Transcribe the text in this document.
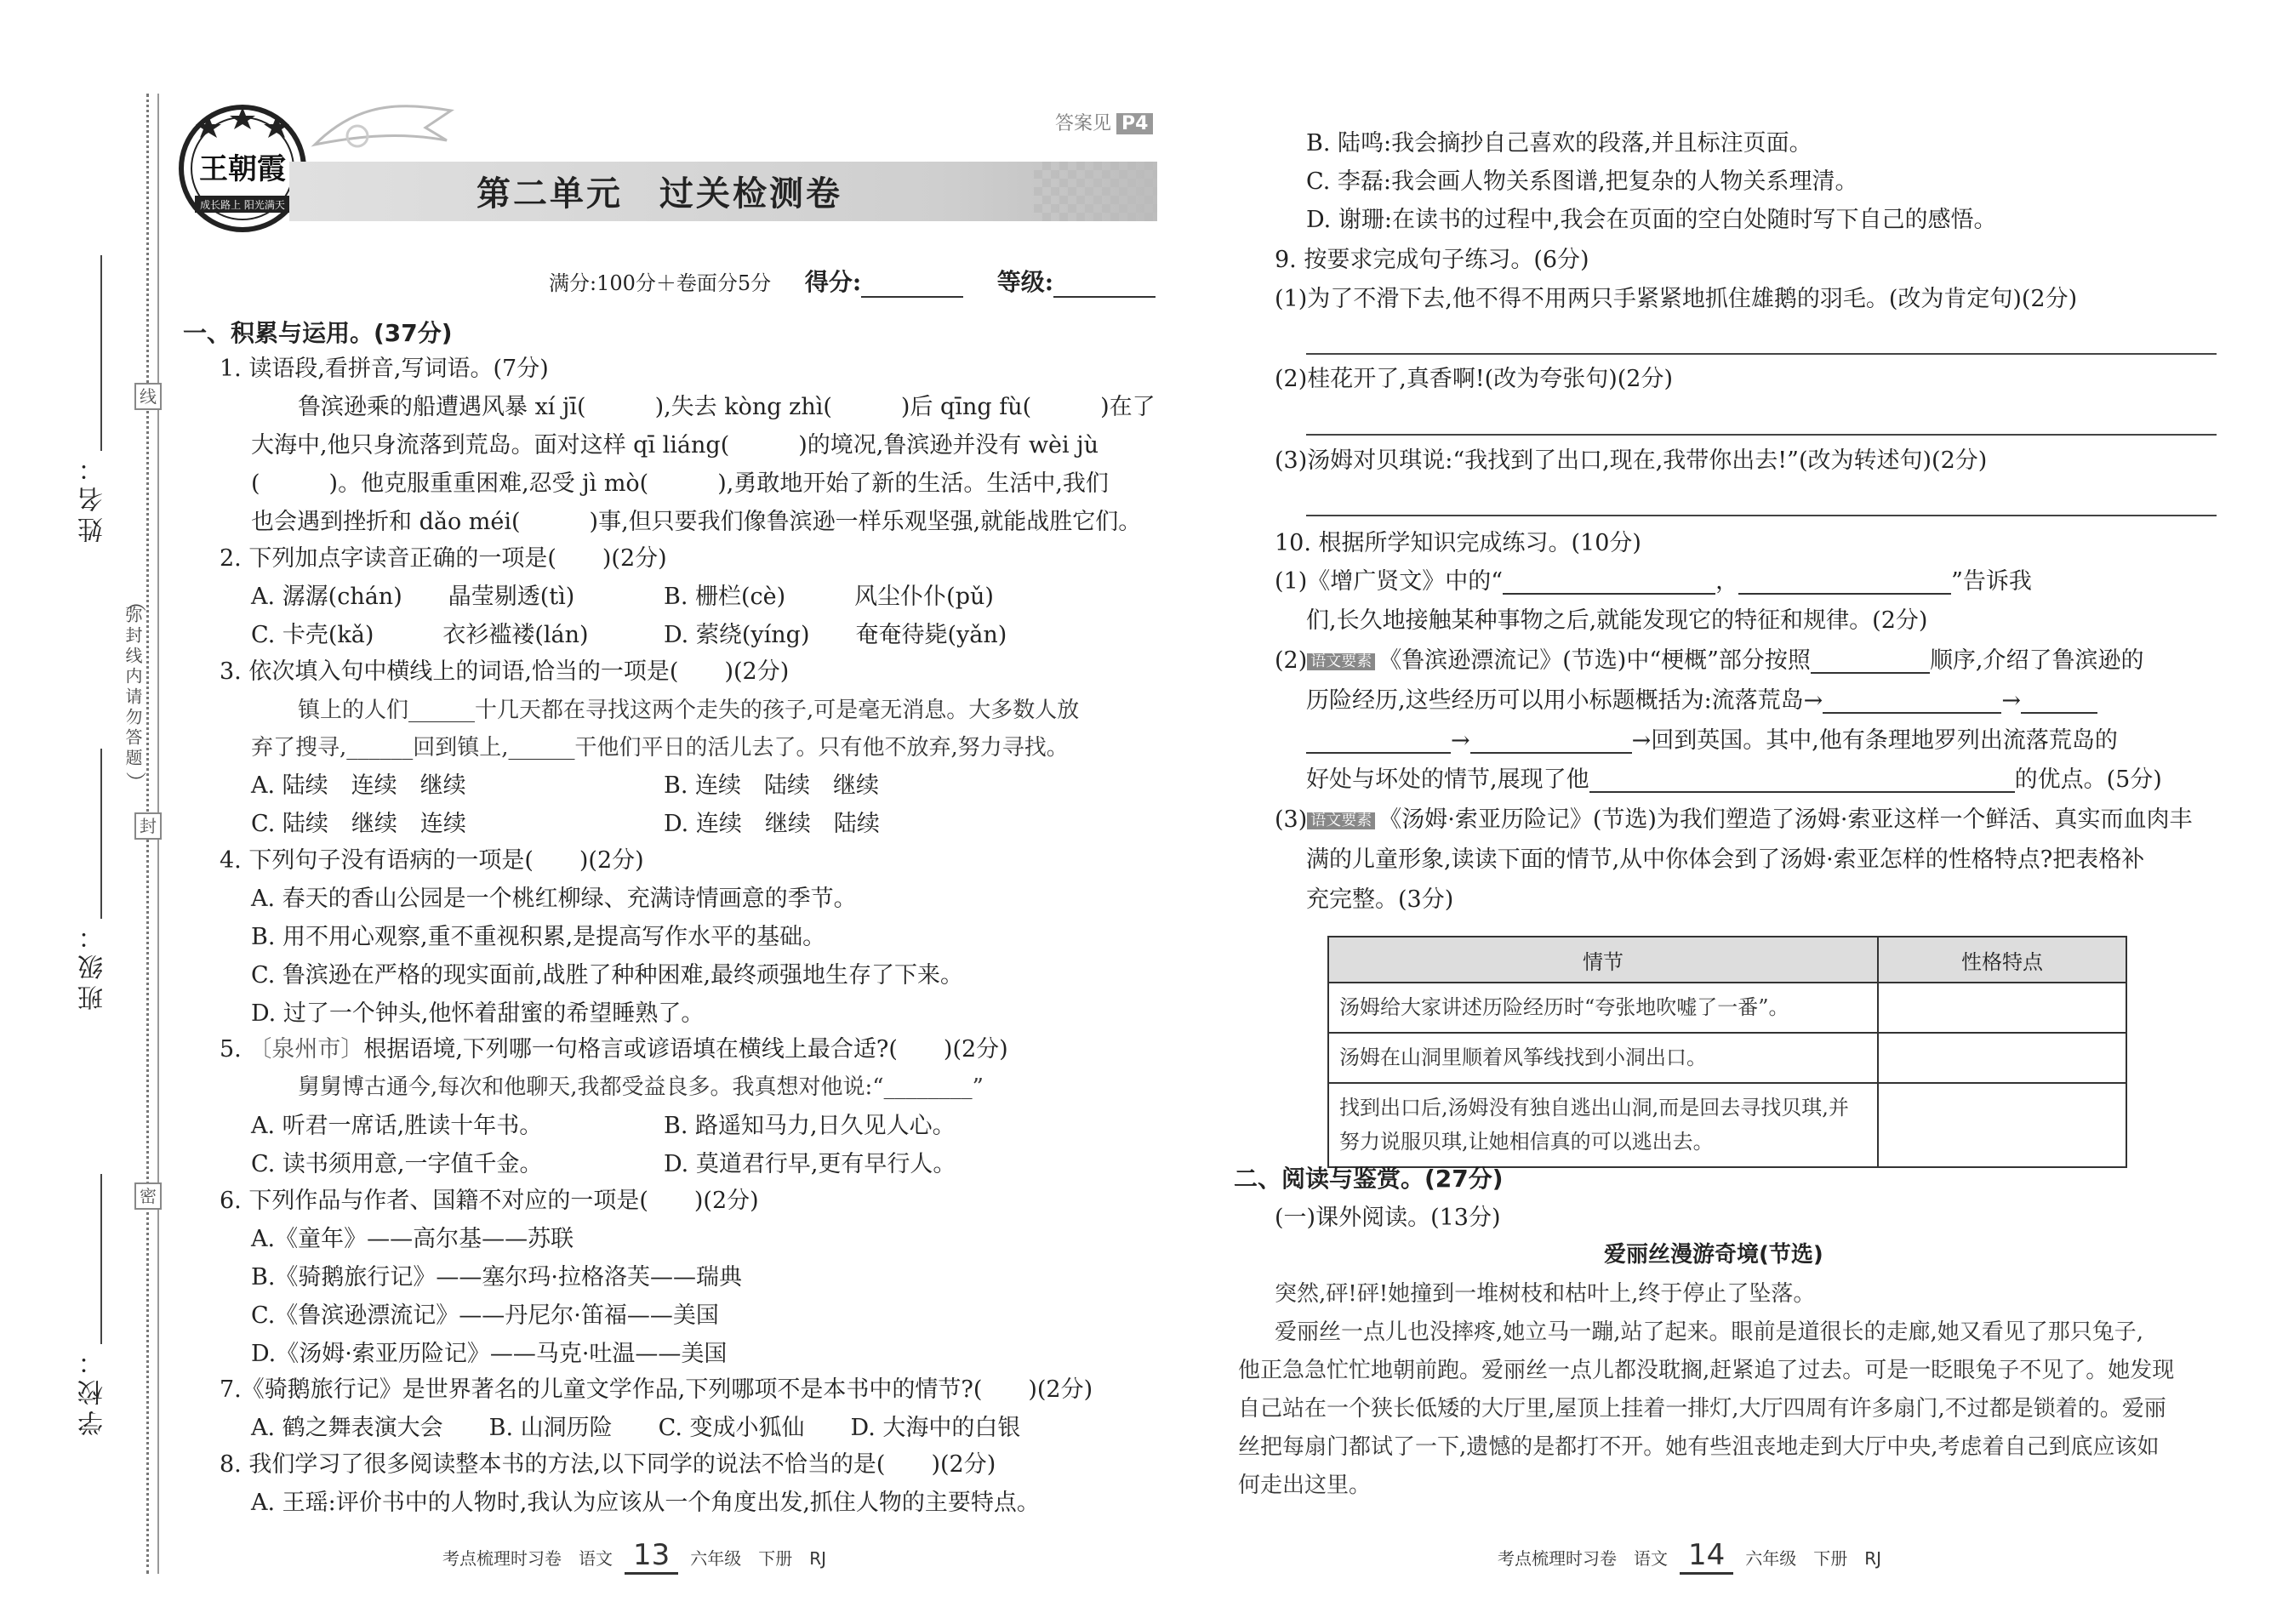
姓名：
班级：
学校：
线
封
密
︵
弥封线内请勿答题
︶
王朝霞
成长路上 阳光满天	第二单元　过关检测卷
答案见 P4
满分:100分＋卷面分5分 得分:	等级:
一、积累与运用。(37分)
1. 读语段,看拼音,写词语。(7分)
鲁滨逊乘的船遭遇风暴 xí jī(　　　),失去 kòng zhì(　　　)后 qīng fù(　　　)在了
大海中,他只身流落到荒岛。面对这样 qī liáng(　　　)的境况,鲁滨逊并没有 wèi jù
(　　　)。他克服重重困难,忍受 jì mò(　　　),勇敢地开始了新的生活。生活中,我们
也会遇到挫折和 dǎo méi(　　　)事,但只要我们像鲁滨逊一样乐观坚强,就能战胜它们。
2. 下列加点字读音正确的一项是(　　)(2分)
A. 潺潺(chán)　　晶莹剔透(tì)	B. 栅栏(cè)　　　风尘仆仆(pǔ)
C. 卡壳(kǎ)　　　衣衫褴褛(lán)	D. 萦绕(yíng)　　奄奄待毙(yǎn)
3. 依次填入句中横线上的词语,恰当的一项是(　　)(2分)
镇上的人们______十几天都在寻找这两个走失的孩子,可是毫无消息。大多数人放
弃了搜寻,______回到镇上,______干他们平日的活儿去了。只有他不放弃,努力寻找。
A. 陆续　连续　继续	B. 连续　陆续　继续
C. 陆续　继续　连续	D. 连续　继续　陆续
4. 下列句子没有语病的一项是(　　)(2分)
A. 春天的香山公园是一个桃红柳绿、充满诗情画意的季节。
B. 用不用心观察,重不重视积累,是提高写作水平的基础。
C. 鲁滨逊在严格的现实面前,战胜了种种困难,最终顽强地生存了下来。
D. 过了一个钟头,他怀着甜蜜的希望睡熟了。
5. 〔泉州市〕根据语境,下列哪一句格言或谚语填在横线上最合适?(　　)(2分)
舅舅博古通今,每次和他聊天,我都受益良多。我真想对他说:“________”
A. 听君一席话,胜读十年书。	B. 路遥知马力,日久见人心。
C. 读书须用意,一字值千金。	D. 莫道君行早,更有早行人。
6. 下列作品与作者、国籍不对应的一项是(　　)(2分)
A.《童年》——高尔基——苏联
B.《骑鹅旅行记》——塞尔玛·拉格洛芙——瑞典
C.《鲁滨逊漂流记》——丹尼尔·笛福——美国
D.《汤姆·索亚历险记》——马克·吐温——美国
7.《骑鹅旅行记》是世界著名的儿童文学作品,下列哪项不是本书中的情节?(　　)(2分)
A. 鹤之舞表演大会　　B. 山洞历险　　C. 变成小狐仙　　D. 大海中的白银
8. 我们学习了很多阅读整本书的方法,以下同学的说法不恰当的是(　　)(2分)
A. 王瑶:评价书中的人物时,我认为应该从一个角度出发,抓住人物的主要特点。
B. 陆鸣:我会摘抄自己喜欢的段落,并且标注页面。
C. 李磊:我会画人物关系图谱,把复杂的人物关系理清。
D. 谢珊:在读书的过程中,我会在页面的空白处随时写下自己的感悟。
9. 按要求完成句子练习。(6分)
(1)为了不滑下去,他不得不用两只手紧紧地抓住雄鹅的羽毛。(改为肯定句)(2分)
(2)桂花开了,真香啊!(改为夸张句)(2分)
(3)汤姆对贝琪说:“我找到了出口,现在,我带你出去!”(改为转述句)(2分)
10. 根据所学知识完成练习。(10分)
(1)《增广贤文》中的“	，	”告诉我
们,长久地接触某种事物之后,就能发现它的特征和规律。(2分)
(2) 语文要素 《鲁滨逊漂流记》(节选)中“梗概”部分按照	顺序,介绍了鲁滨逊的
历险经历,这些经历可以用小标题概括为:流落荒岛→	→
→	→回到英国。其中,他有条理地罗列出流落荒岛的
好处与坏处的情节,展现了他	的优点。(5分)
(3) 语文要素 《汤姆·索亚历险记》(节选)为我们塑造了汤姆·索亚这样一个鲜活、真实而血肉丰
满的儿童形象,读读下面的情节,从中你体会到了汤姆·索亚怎样的性格特点?把表格补
充完整。(3分)
情节	性格特点
汤姆给大家讲述历险经历时“夸张地吹嘘了一番”。	
汤姆在山洞里顺着风筝线找到小洞出口。	
找到出口后,汤姆没有独自逃出山洞,而是回去寻找贝琪,并努力说服贝琪,让她相信真的可以逃出去。	
二、阅读与鉴赏。(27分)
(一)课外阅读。(13分)
爱丽丝漫游奇境(节选)
突然,砰!砰!她撞到一堆树枝和枯叶上,终于停止了坠落。
爱丽丝一点儿也没摔疼,她立马一蹦,站了起来。眼前是道很长的走廊,她又看见了那只兔子,
他正急急忙忙地朝前跑。爱丽丝一点儿都没耽搁,赶紧追了过去。可是一眨眼兔子不见了。她发现
自己站在一个狭长低矮的大厅里,屋顶上挂着一排灯,大厅四周有许多扇门,不过都是锁着的。爱丽
丝把每扇门都试了一下,遗憾的是都打不开。她有些沮丧地走到大厅中央,考虑着自己到底应该如
何走出这里。
考点梳理时习卷　语文 13 六年级　下册　RJ	考点梳理时习卷　语文 14 六年级　下册　RJ
